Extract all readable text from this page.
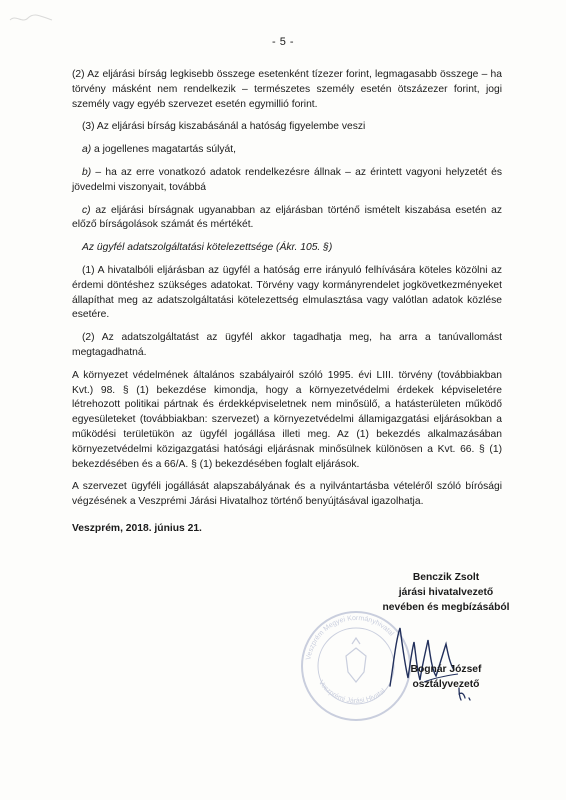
- 5 -

(2) Az eljárási bírság legkisebb összege esetenként tízezer forint, legmagasabb összege – ha törvény másként nem rendelkezik – természetes személy esetén ötszázezer forint, jogi személy vagy egyéb szervezet esetén egymillió forint.

(3) Az eljárási bírság kiszabásánál a hatóság figyelembe veszi

a) a jogellenes magatartás súlyát,

b) – ha az erre vonatkozó adatok rendelkezésre állnak – az érintett vagyoni helyzetét és jövedelmi viszonyait, továbbá

c) az eljárási bírságnak ugyanabban az eljárásban történő ismételt kiszabása esetén az előző bírságolások számát és mértékét.

Az ügyfél adatszolgáltatási kötelezettsége (Ákr. 105. §)

(1) A hivatalbóli eljárásban az ügyfél a hatóság erre irányuló felhívására köteles közölni az érdemi döntéshez szükséges adatokat. Törvény vagy kormányrendelet jogkövetkezményeket állapíthat meg az adatszolgáltatási kötelezettség elmulasztása vagy valótlan adatok közlése esetére.

(2) Az adatszolgáltatást az ügyfél akkor tagadhatja meg, ha arra a tanúvallomást megtagadhatná.

A környezet védelmének általános szabályairól szóló 1995. évi LIII. törvény (továbbiakban Kvt.) 98. § (1) bekezdése kimondja, hogy a környezetvédelmi érdekek képviseletére létrehozott politikai pártnak és érdekképviseletnek nem minősülő, a hatásterületen működő egyesületeket (továbbiakban: szervezet) a környezetvédelmi államigazgatási eljárásokban a működési területükön az ügyfél jogállása illeti meg. Az (1) bekezdés alkalmazásában környezetvédelmi közigazgatási hatósági eljárásnak minősülnek különösen a Kvt. 66. § (1) bekezdésében és a 66/A. § (1) bekezdésében foglalt eljárások.

A szervezet ügyféli jogállását alapszabályának és a nyilvántartásba vételéről szóló bírósági végzésének a Veszprémi Járási Hivatalhoz történő benyújtásával igazolhatja.

Veszprém, 2018. június 21.

Veszprém Megyei Kormányhivatal
Veszprémi Járási Hivatal
Benczik Zsolt
járási hivatalvezető
nevében és megbízásából
Bognár József
osztályvezető
